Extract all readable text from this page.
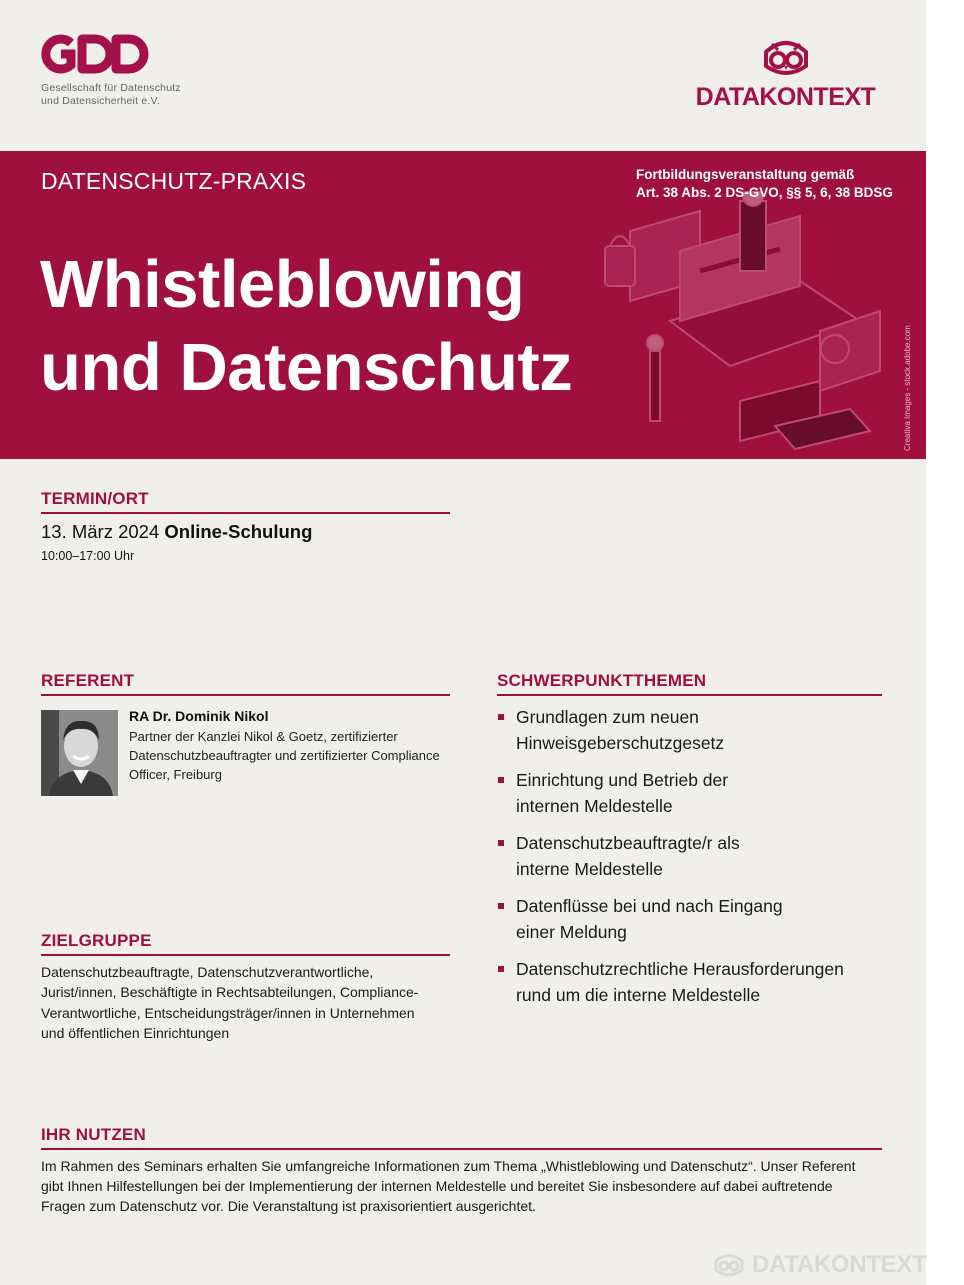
Gesellschaft für Datenschutz
und Datensicherheit e.V.	DATAKONTEXT
DATENSCHUTZ-PRAXIS	Fortbildungsveranstaltung gemäß
Art. 38 Abs. 2 DS-GVO, §§ 5, 6, 38 BDSG
Whistleblowing
und Datenschutz	Creativa Images - stock.adobe.com
TERMIN/ORT
13. März 2024 Online-Schulung
10:00–17:00 Uhr
REFERENT
RA Dr. Dominik Nikol
Partner der Kanzlei Nikol & Goetz, zertifizierter
Datenschutzbeauftragter und zertifizierter Compliance
Officer, Freiburg
SCHWERPUNKTTHEMEN
Grundlagen zum neuen
Hinweisgeberschutzgesetz
Einrichtung und Betrieb der
internen Meldestelle
Datenschutzbeauftragte/r als
interne Meldestelle
Datenflüsse bei und nach Eingang
einer Meldung
Datenschutzrechtliche Herausforderungen
rund um die interne Meldestelle
ZIELGRUPPE
Datenschutzbeauftragte, Datenschutzverantwortliche,
Jurist/innen, Beschäftigte in Rechtsabteilungen, Compliance-
Verantwortliche, Entscheidungsträger/innen in Unternehmen
und öffentlichen Einrichtungen
IHR NUTZEN
Im Rahmen des Seminars erhalten Sie umfangreiche Informationen zum Thema „Whistleblowing und Datenschutz“. Unser Referent
gibt Ihnen Hilfestellungen bei der Implementierung der internen Meldestelle und bereitet Sie insbesondere auf dabei auftretende
Fragen zum Datenschutz vor. Die Veranstaltung ist praxisorientiert ausgerichtet.
DATAKONTEXT
